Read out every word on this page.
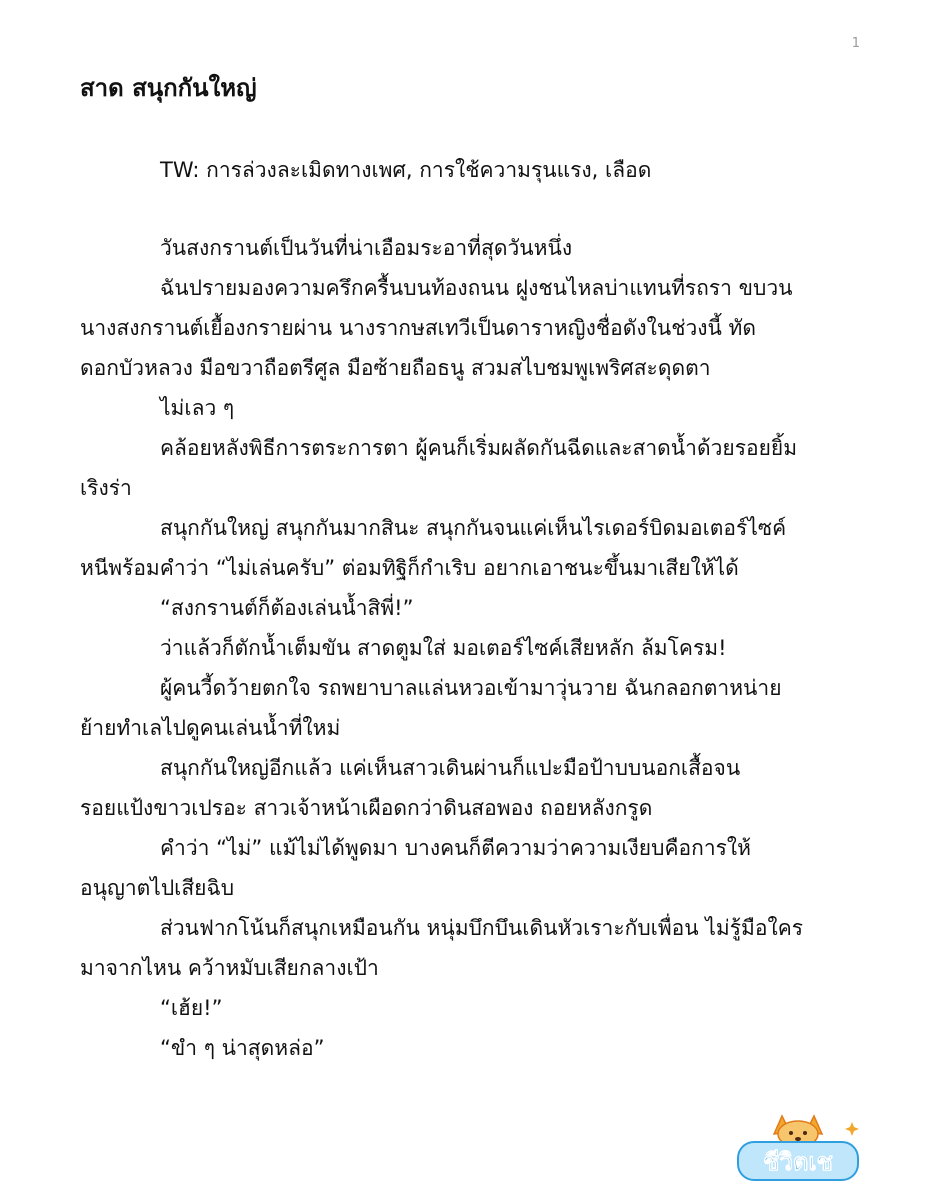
1
สาด สนุกกันใหญ่

TW: การล่วงละเมิดทางเพศ, การใช้ความรุนแรง, เลือด

วันสงกรานต์เป็นวันที่น่าเอือมระอาที่สุดวันหนึ่ง
ฉันปรายมองความครึกครื้นบนท้องถนน ฝูงชนไหลบ่าแทนที่รถรา ขบวน
นางสงกรานต์เยื้องกรายผ่าน นางรากษสเทวีเป็นดาราหญิงชื่อดังในช่วงนี้ ทัด
ดอกบัวหลวง มือขวาถือตรีศูล มือซ้ายถือธนู สวมสไบชมพูเพริศสะดุดตา
ไม่เลว ๆ
คล้อยหลังพิธีการตระการตา ผู้คนก็เริ่มผลัดกันฉีดและสาดน้ำด้วยรอยยิ้ม
เริงร่า
สนุกกันใหญ่ สนุกกันมากสินะ สนุกกันจนแค่เห็นไรเดอร์บิดมอเตอร์ไซค์
หนีพร้อมคำว่า “ไม่เล่นครับ” ต่อมทิฐิก็กำเริบ อยากเอาชนะขึ้นมาเสียให้ได้
“สงกรานต์ก็ต้องเล่นน้ำสิพี่!”
ว่าแล้วก็ตักน้ำเต็มขัน สาดตูมใส่ มอเตอร์ไซค์เสียหลัก ล้มโครม!
ผู้คนวี้ดว้ายตกใจ รถพยาบาลแล่นหวอเข้ามาวุ่นวาย ฉันกลอกตาหน่าย
ย้ายทำเลไปดูคนเล่นน้ำที่ใหม่
สนุกกันใหญ่อีกแล้ว แค่เห็นสาวเดินผ่านก็แปะมือป้าบบนอกเสื้อจน
รอยแป้งขาวเปรอะ สาวเจ้าหน้าเผือดกว่าดินสอพอง ถอยหลังกรูด
คำว่า “ไม่” แม้ไม่ได้พูดมา บางคนก็ตีความว่าความเงียบคือการให้
อนุญาตไปเสียฉิบ
ส่วนฟากโน้นก็สนุกเหมือนกัน หนุ่มบึกบึนเดินหัวเราะกับเพื่อน ไม่รู้มือใคร
มาจากไหน คว้าหมับเสียกลางเป้า
“เฮ้ย!”
“ขำ ๆ น่าสุดหล่อ”
ชีวิตเช
